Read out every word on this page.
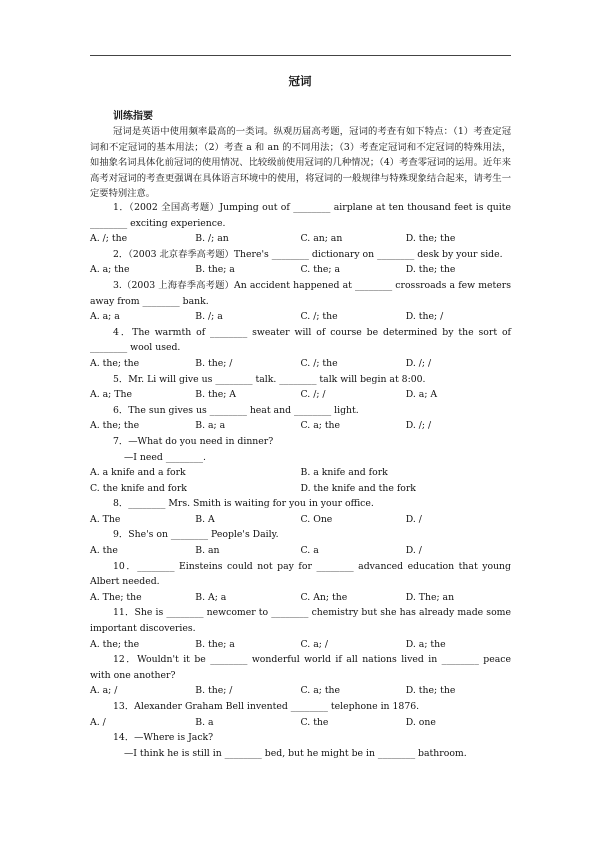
冠词
训练指要

冠词是英语中使用频率最高的一类词。纵观历届高考题，冠词的考查有如下特点：（1）考查定冠词和不定冠词的基本用法；（2）考查 a 和 an 的不同用法；（3）考查定冠词和不定冠词的特殊用法，如抽象名词具体化前冠词的使用情况、比较级前使用冠词的几种情况；（4）考查零冠词的运用。近年来高考对冠词的考查更强调在具体语言环境中的使用，将冠词的一般规律与特殊现象结合起来，请考生一定要特别注意。

1．（2002 全国高考题）Jumping out of ________ airplane at ten thousand feet is quite ________ exciting experience.
A. /; the	B. /; an	C. an; an	D. the; the
2．（2003 北京春季高考题）There's ________ dictionary on ________ desk by your side.
A. a; the	B. the; a	C. the; a	D. the; the
3.（2003 上海春季高考题）An accident happened at ________ crossroads a few meters away from ________ bank.
A. a; a	B. /; a	C. /; the	D. the; /
4．The warmth of ________ sweater will of course be determined by the sort of ________ wool used.
A. the; the	B. the; /	C. /; the	D. /; /
5．Mr. Li will give us ________ talk. ________ talk will begin at 8:00.
A. a; The	B. the; A	C. /; /	D. a; A
6．The sun gives us ________ heat and ________ light.
A. the; the	B. a; a	C. a; the	D. /; /
7．—What do you need in dinner?
—I need ________.
A. a knife and a fork	B. a knife and fork
C. the knife and fork	D. the knife and the fork
8．________ Mrs. Smith is waiting for you in your office.
A. The	B. A	C. One	D. /
9．She's on ________ People's Daily.
A. the	B. an	C. a	D. /
10．________ Einsteins could not pay for ________ advanced education that young Albert needed.
A. The; the	B. A; a	C. An; the	D. The; an
11．She is ________ newcomer to ________ chemistry but she has already made some important discoveries.
A. the; the	B. the; a	C. a; /	D. a; the
12．Wouldn't it be ________ wonderful world if all nations lived in ________ peace with one another?
A. a; /	B. the; /	C. a; the	D. the; the
13．Alexander Graham Bell invented ________ telephone in 1876.
A. /	B. a	C. the	D. one
14．—Where is Jack?
—I think he is still in ________ bed, but he might be in ________ bathroom.
